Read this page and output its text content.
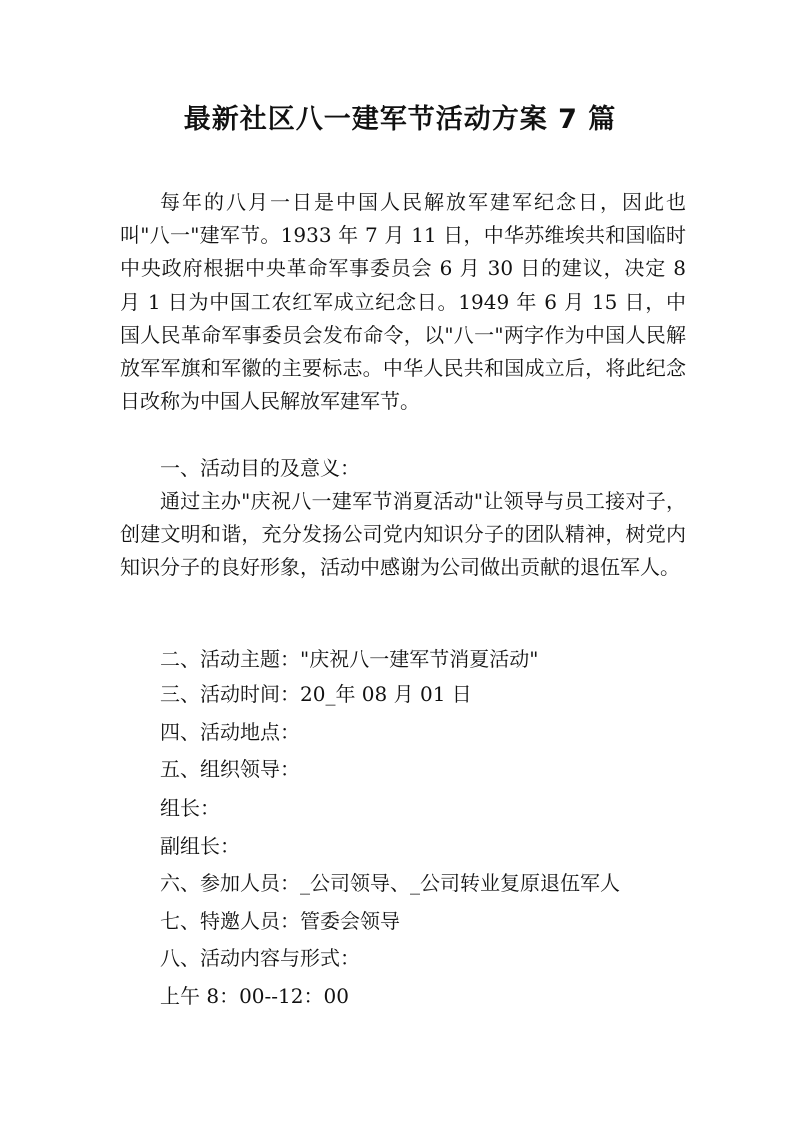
最新社区八一建军节活动方案 7 篇

每年的八月一日是中国人民解放军建军纪念日，因此也叫"八一"建军节。1933 年 7 月 11 日，中华苏维埃共和国临时中央政府根据中央革命军事委员会 6 月 30 日的建议，决定 8 月 1 日为中国工农红军成立纪念日。1949 年 6 月 15 日，中国人民革命军事委员会发布命令，以"八一"两字作为中国人民解放军军旗和军徽的主要标志。中华人民共和国成立后，将此纪念日改称为中国人民解放军建军节。

一、活动目的及意义：

通过主办"庆祝八一建军节消夏活动"让领导与员工接对子，创建文明和谐，充分发扬公司党内知识分子的团队精神，树党内知识分子的良好形象，活动中感谢为公司做出贡献的退伍军人。

二、活动主题："庆祝八一建军节消夏活动"

三、活动时间：20_年 08 月 01 日

四、活动地点：

五、组织领导：

组长：

副组长：

六、参加人员：_公司领导、_公司转业复原退伍军人

七、特邀人员：管委会领导

八、活动内容与形式：

上午 8：00--12：00
